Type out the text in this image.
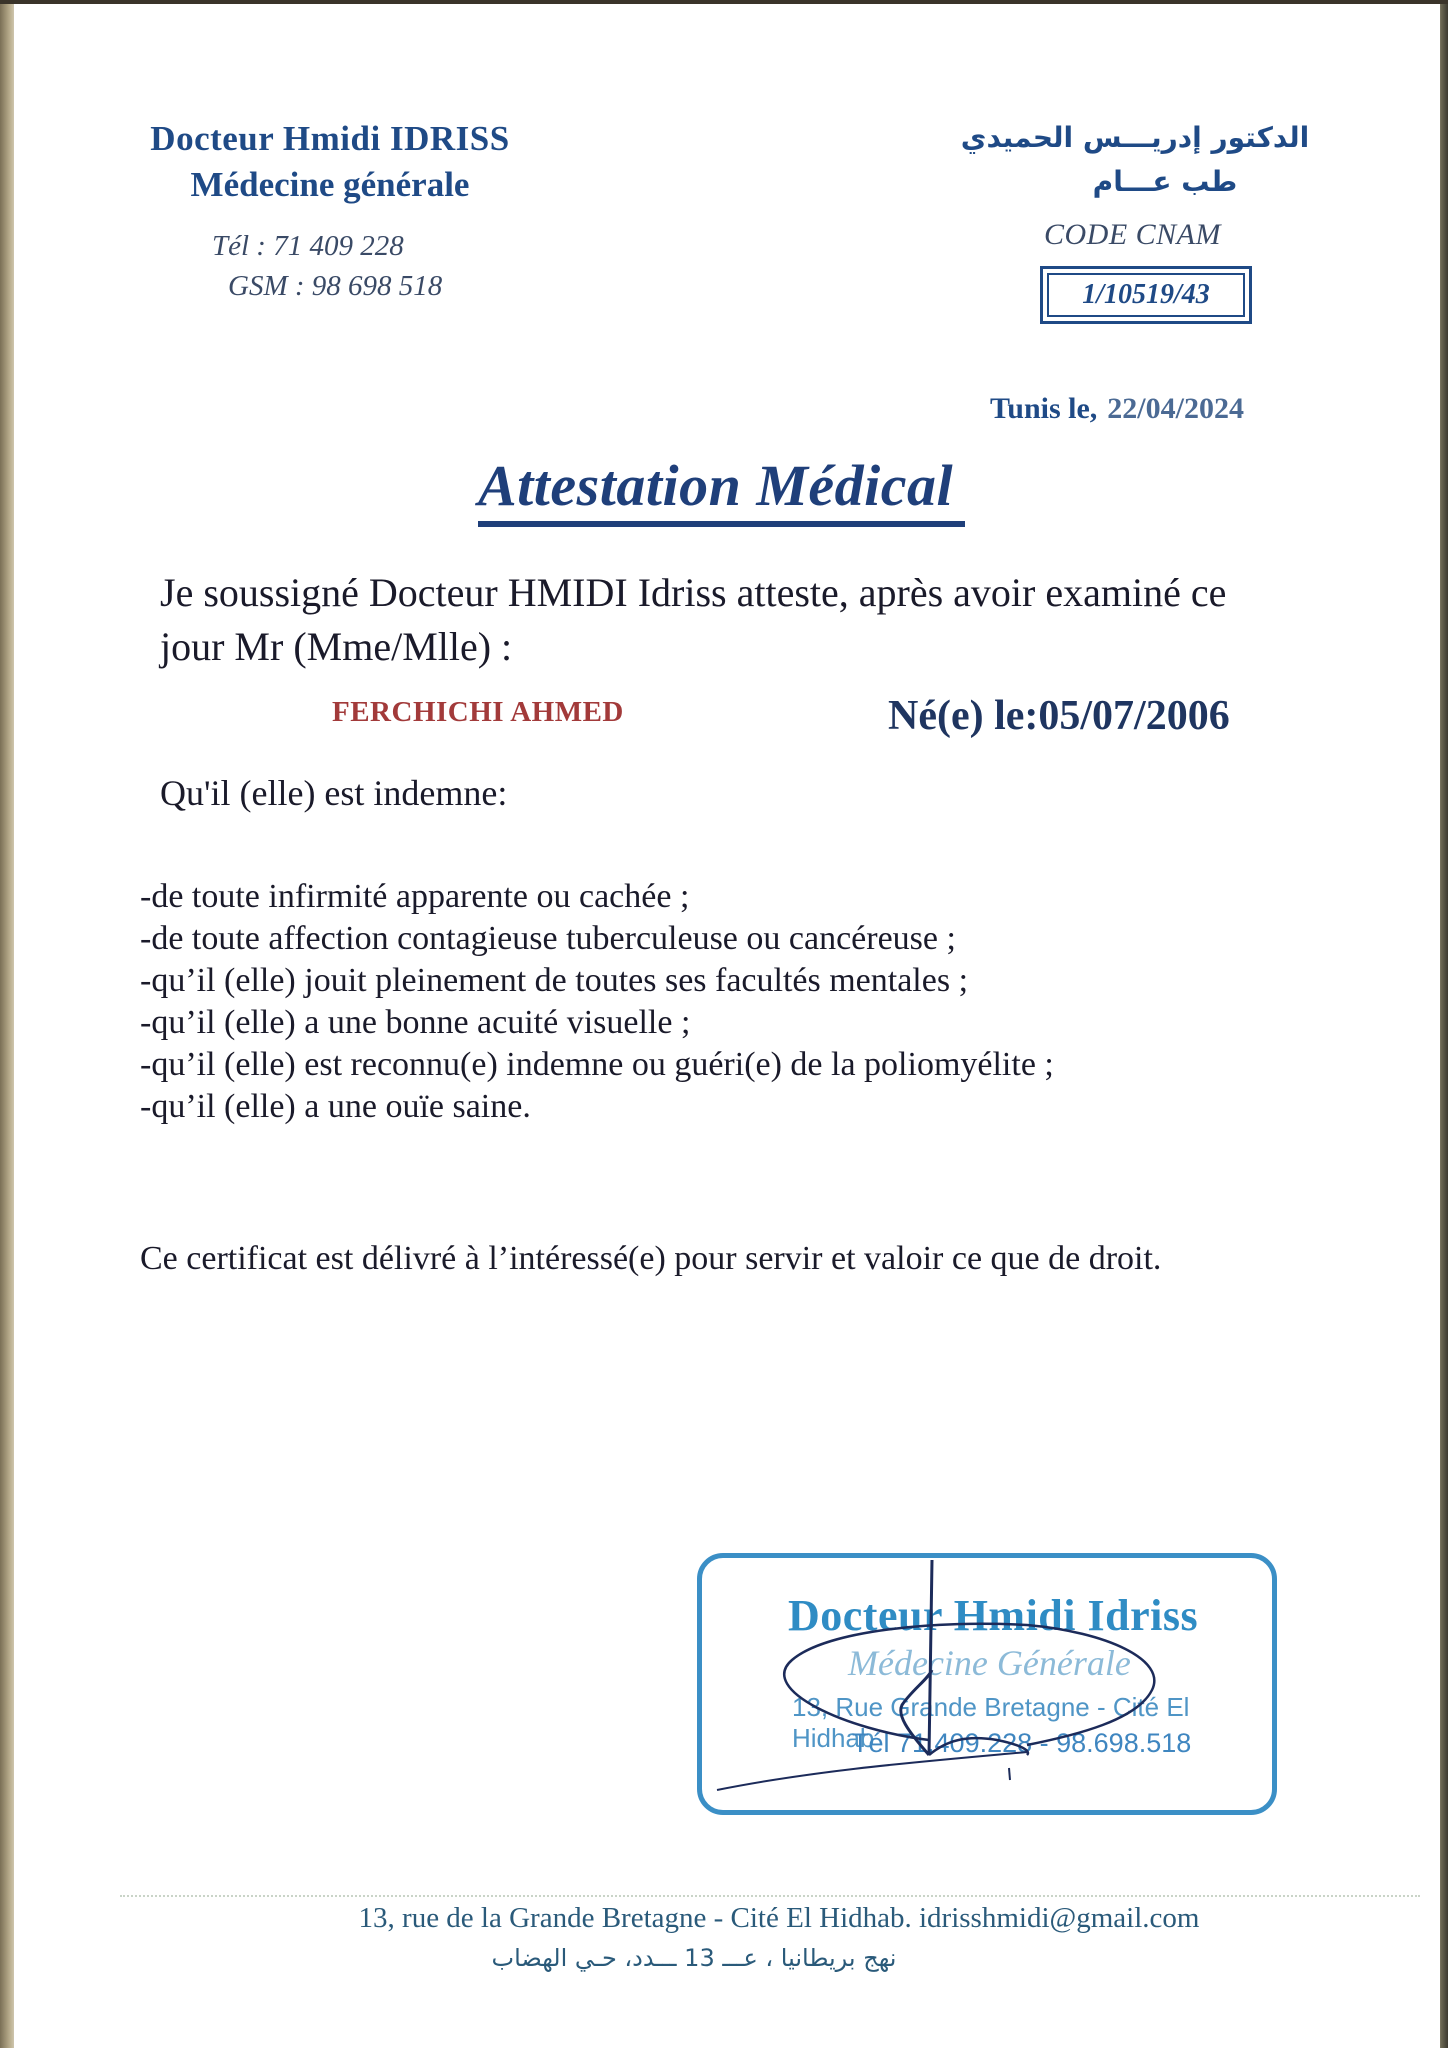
Docteur Hmidi IDRISS
Médecine générale
Tél : 71 409 228
GSM : 98 698 518
الدكتور إدريـــس الحميدي
طب عـــام
CODE CNAM
1/10519/43
Tunis le, 22/04/2024
Attestation Médical
Je soussigné Docteur HMIDI Idriss atteste, après avoir examiné ce jour Mr (Mme/Mlle) :
FERCHICHI AHMED	Né(e) le:05/07/2006
Qu'il (elle) est indemne:
-de toute infirmité apparente ou cachée ;
-de toute affection contagieuse tuberculeuse ou cancéreuse ;
-qu’il (elle) jouit pleinement de toutes ses facultés mentales ;
-qu’il (elle) a une bonne acuité visuelle ;
-qu’il (elle) est reconnu(e) indemne ou guéri(e) de la poliomyélite ;
-qu’il (elle) a une ouïe saine.
Ce certificat est délivré à l’intéressé(e) pour servir et valoir ce que de droit.
Docteur Hmidi Idriss
Médecine Générale
13, Rue Grande Bretagne - Cité El Hidhab
Tél 71.409.228 - 98.698.518
13, rue de la Grande Bretagne - Cité El Hidhab. idrisshmidi@gmail.com
نهج بريطانيا ، عـــ 13 ـــدد، حـي الهضاب
